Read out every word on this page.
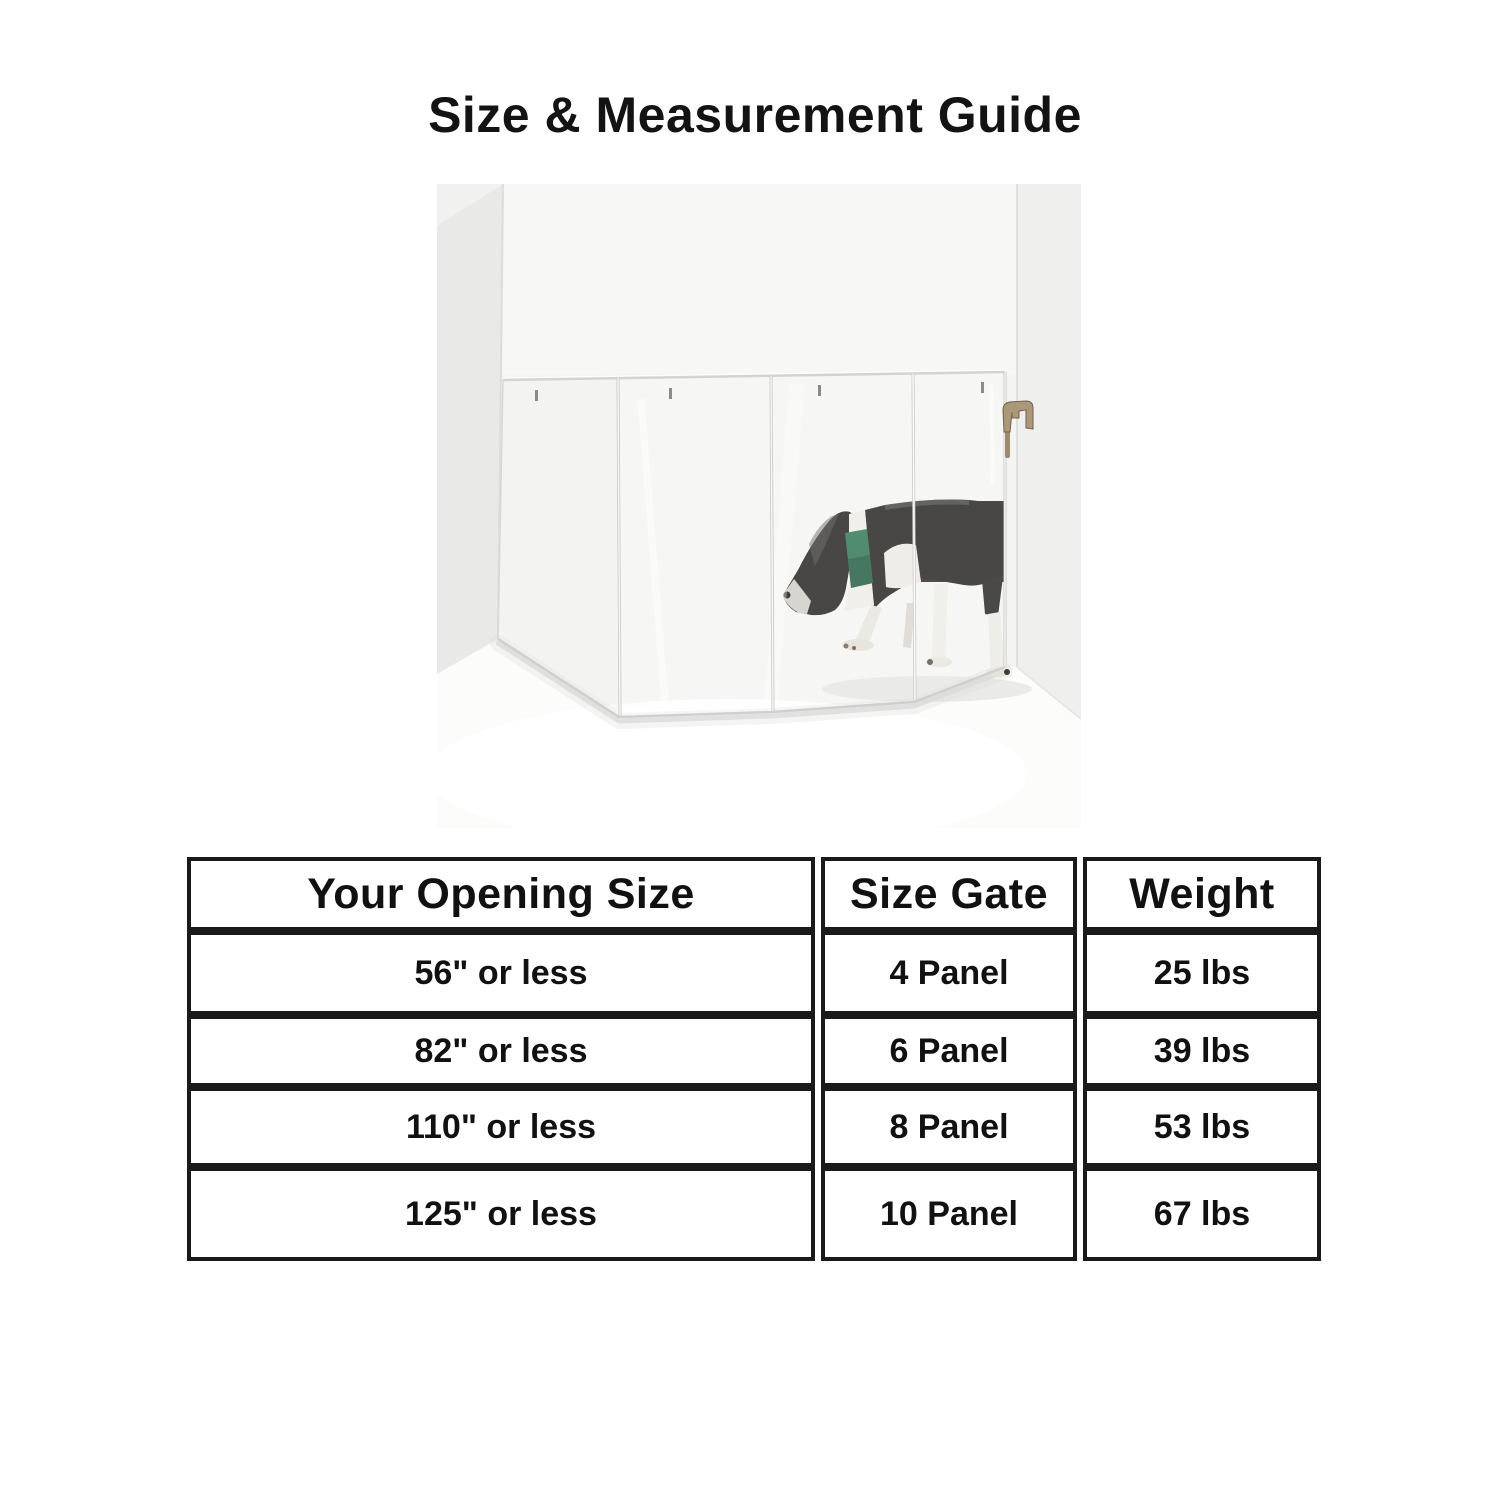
Size & Measurement Guide
Your Opening Size	Size Gate	Weight
56" or less	4 Panel	25 lbs
82" or less	6 Panel	39 lbs
110" or less	8 Panel	53 lbs
125" or less	10 Panel	67 lbs
